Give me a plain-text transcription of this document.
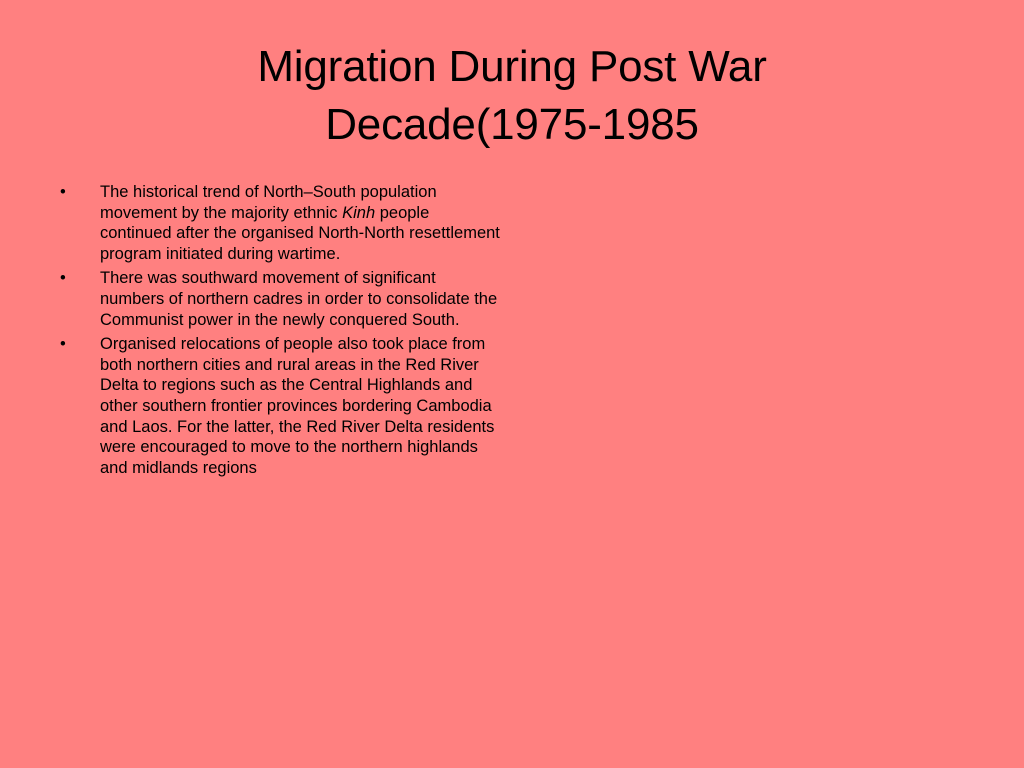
Migration During Post War
Decade(1975-1985
•	The historical trend of North–South population movement by the majority ethnic Kinh people continued after the organised North-North resettlement program initiated during wartime.
•	There was southward movement of significant numbers of northern cadres in order to consolidate the Communist power in the newly conquered South.
•	Organised relocations of people also took place from both northern cities and rural areas in the Red River Delta to regions such as the Central Highlands and other southern frontier provinces bordering Cambodia and Laos. For the latter, the Red River Delta residents were encouraged to move to the northern highlands and midlands regions
